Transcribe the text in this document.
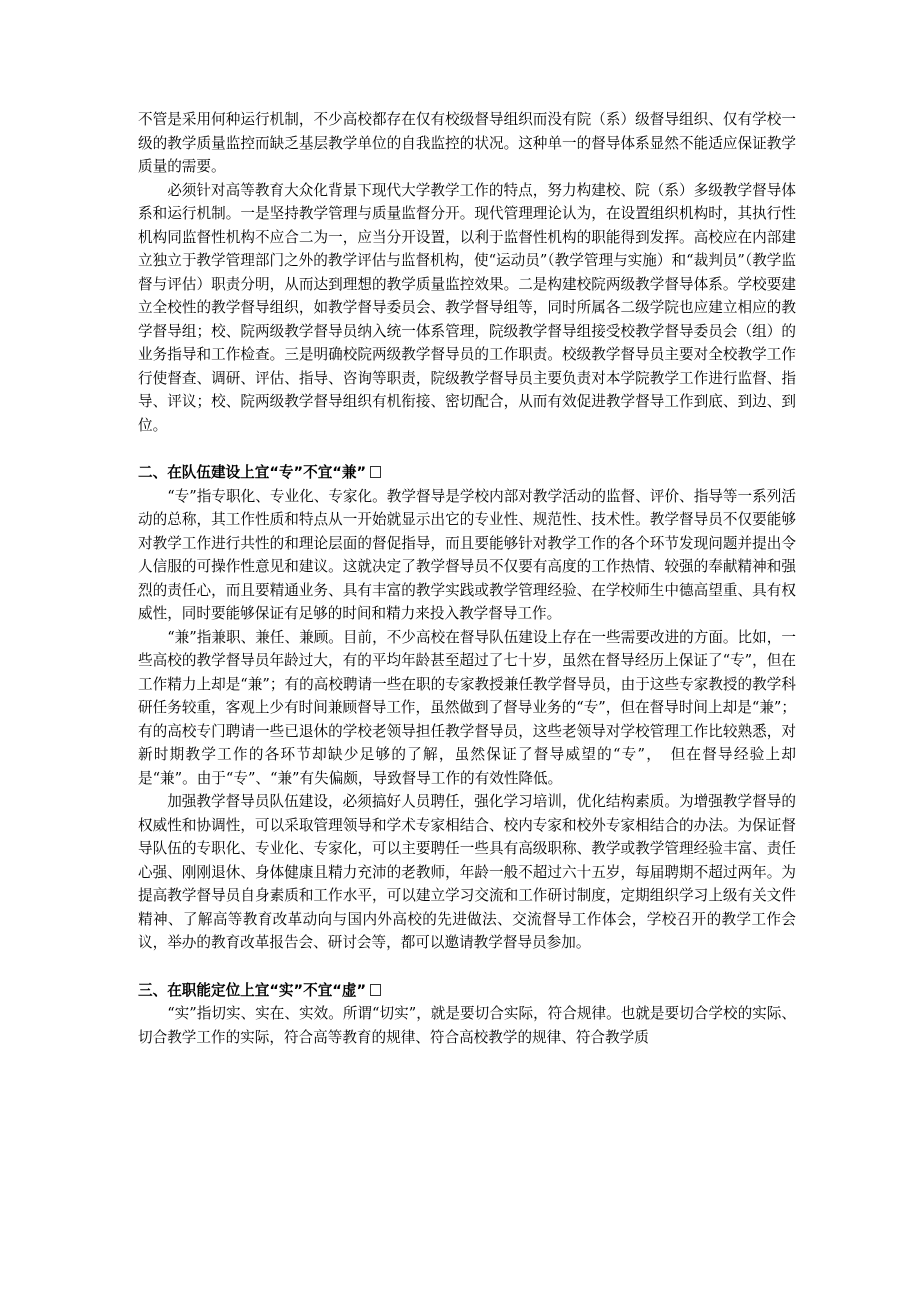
不管是采用何种运行机制，不少高校都存在仅有校级督导组织而没有院（系）级督导组织、仅有学校一级的教学质量监控而缺乏基层教学单位的自我监控的状况。这种单一的督导体系显然不能适应保证教学质量的需要。

必须针对高等教育大众化背景下现代大学教学工作的特点，努力构建校、院（系）多级教学督导体系和运行机制。一是坚持教学管理与质量监督分开。现代管理理论认为，在设置组织机构时，其执行性机构同监督性机构不应合二为一，应当分开设置，以利于监督性机构的职能得到发挥。高校应在内部建立独立于教学管理部门之外的教学评估与监督机构，使“运动员”（教学管理与实施）和“裁判员”（教学监督与评估）职责分明，从而达到理想的教学质量监控效果。二是构建校院两级教学督导体系。学校要建立全校性的教学督导组织，如教学督导委员会、教学督导组等，同时所属各二级学院也应建立相应的教学督导组；校、院两级教学督导员纳入统一体系管理，院级教学督导组接受校教学督导委员会（组）的业务指导和工作检查。三是明确校院两级教学督导员的工作职责。校级教学督导员主要对全校教学工作行使督查、调研、评估、指导、咨询等职责，院级教学督导员主要负责对本学院教学工作进行监督、指导、评议；校、院两级教学督导组织有机衔接、密切配合，从而有效促进教学督导工作到底、到边、到位。

二、在队伍建设上宜“专”不宜“兼”

“专”指专职化、专业化、专家化。教学督导是学校内部对教学活动的监督、评价、指导等一系列活动的总称，其工作性质和特点从一开始就显示出它的专业性、规范性、技术性。教学督导员不仅要能够对教学工作进行共性的和理论层面的督促指导，而且要能够针对教学工作的各个环节发现问题并提出令人信服的可操作性意见和建议。这就决定了教学督导员不仅要有高度的工作热情、较强的奉献精神和强烈的责任心，而且要精通业务、具有丰富的教学实践或教学管理经验、在学校师生中德高望重、具有权威性，同时要能够保证有足够的时间和精力来投入教学督导工作。

“兼”指兼职、兼任、兼顾。目前，不少高校在督导队伍建设上存在一些需要改进的方面。比如，一些高校的教学督导员年龄过大，有的平均年龄甚至超过了七十岁，虽然在督导经历上保证了“专”，但在工作精力上却是“兼”；有的高校聘请一些在职的专家教授兼任教学督导员，由于这些专家教授的教学科研任务较重，客观上少有时间兼顾督导工作，虽然做到了督导业务的“专”，但在督导时间上却是“兼”；有的高校专门聘请一些已退休的学校老领导担任教学督导员，这些老领导对学校管理工作比较熟悉，对新时期教学工作的各环节却缺少足够的了解，虽然保证了督导威望的“专”，　但在督导经验上却是“兼”。由于“专”、“兼”有失偏颇，导致督导工作的有效性降低。

加强教学督导员队伍建设，必须搞好人员聘任，强化学习培训，优化结构素质。为增强教学督导的权威性和协调性，可以采取管理领导和学术专家相结合、校内专家和校外专家相结合的办法。为保证督导队伍的专职化、专业化、专家化，可以主要聘任一些具有高级职称、教学或教学管理经验丰富、责任心强、刚刚退休、身体健康且精力充沛的老教师，年龄一般不超过六十五岁，每届聘期不超过两年。为提高教学督导员自身素质和工作水平，可以建立学习交流和工作研讨制度，定期组织学习上级有关文件精神、了解高等教育改革动向与国内外高校的先进做法、交流督导工作体会，学校召开的教学工作会议，举办的教育改革报告会、研讨会等，都可以邀请教学督导员参加。

三、在职能定位上宜“实”不宜“虚”

“实”指切实、实在、实效。所谓“切实”，就是要切合实际，符合规律。也就是要切合学校的实际、切合教学工作的实际，符合高等教育的规律、符合高校教学的规律、符合教学质
